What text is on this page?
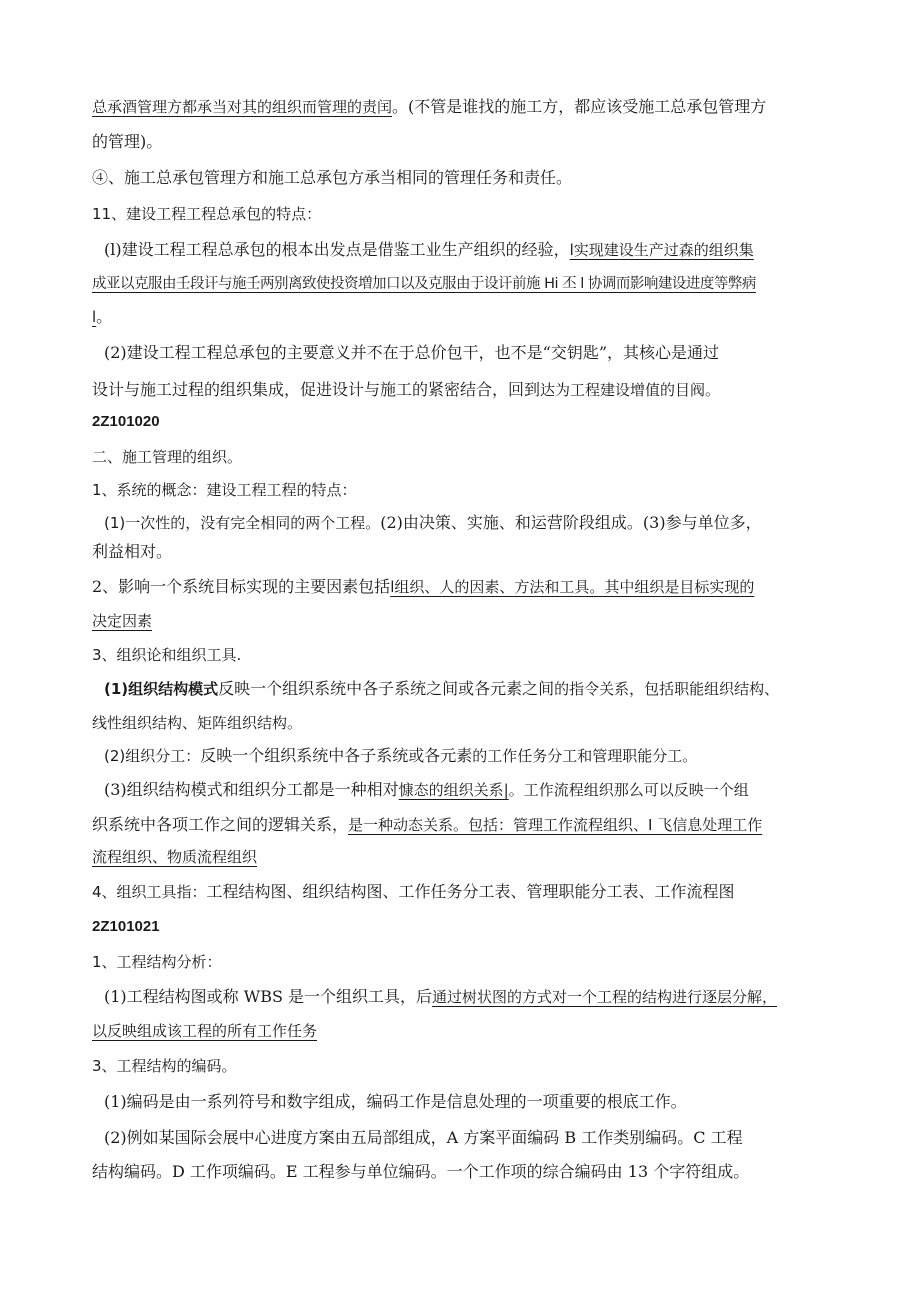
总承酒管理方都承当对其的组织而管理的责闰。(不管是谁找的施工方，都应该受施工总承包管理方
的管理)。
④、施工总承包管理方和施工总承包方承当相同的管理任务和责任。
11、建设工程工程总承包的特点：
(l)建设工程工程总承包的根本出发点是借鉴工业生产组织的经验，l实现建设生产过森的组织集
成亚以克服由壬段讦与施壬两别离致使投资増加口以及克服由于设讦前施 Hi 丕 l 协调而影响建设进度等弊病
l。
(2)建设工程工程总承包的主要意义并不在于总价包干，也不是“交钥匙”，其核心是通过
设计与施工过程的组织集成，促进设计与施工的紧密结合，回到达为工程建设增值的目阀。
2Z101020
二、施工管理的组织。
1、系统的概念：建设工程工程的特点：
(1)一次性的，没有完全相同的两个工程。(2)由决策、实施、和运营阶段组成。(3)参与单位多，
利益相对。
2、影响一个系统目标实现的主要因素包括l组织、人的因素、方法和工具。其中组织是目标实现的
决定因素
3、组织论和组织工具.
(1)组织结构模式反映一个组织系统中各子系统之间或各元素之间的指令关系，包括职能组织结构、
线性组织结构、矩阵组织结构。
(2)组织分工：反映一个组织系统中各子系统或各元素的工作任务分工和管理职能分工。
(3)组织结构模式和组织分工都是一种相对慷态的组织关系|。工作流程组织那么可以反映一个组
织系统中各项工作之间的逻辑关系，是一种动态关系。包括：管理工作流程组织、I 飞信息处理工作
流程组织、物质流程组织
4、组织工具指：工程结构图、组织结构图、工作任务分工表、管理职能分工表、工作流程图
2Z101021
1、工程结构分析：
(1)工程结构图或称 WBS 是一个组织工具，后通过树状图的方式对一个工程的结构进行逐层分解，
以反映组成该工程的所有工作任务
3、工程结构的编码。
(1)编码是由一系列符号和数字组成，编码工作是信息处理的一项重要的根底工作。
(2)例如某国际会展中心进度方案由五局部组成，A 方案平面编码 B 工作类别编码。C 工程
结构编码。D 工作项编码。E 工程参与单位编码。一个工作项的综合编码由 13 个字符组成。
